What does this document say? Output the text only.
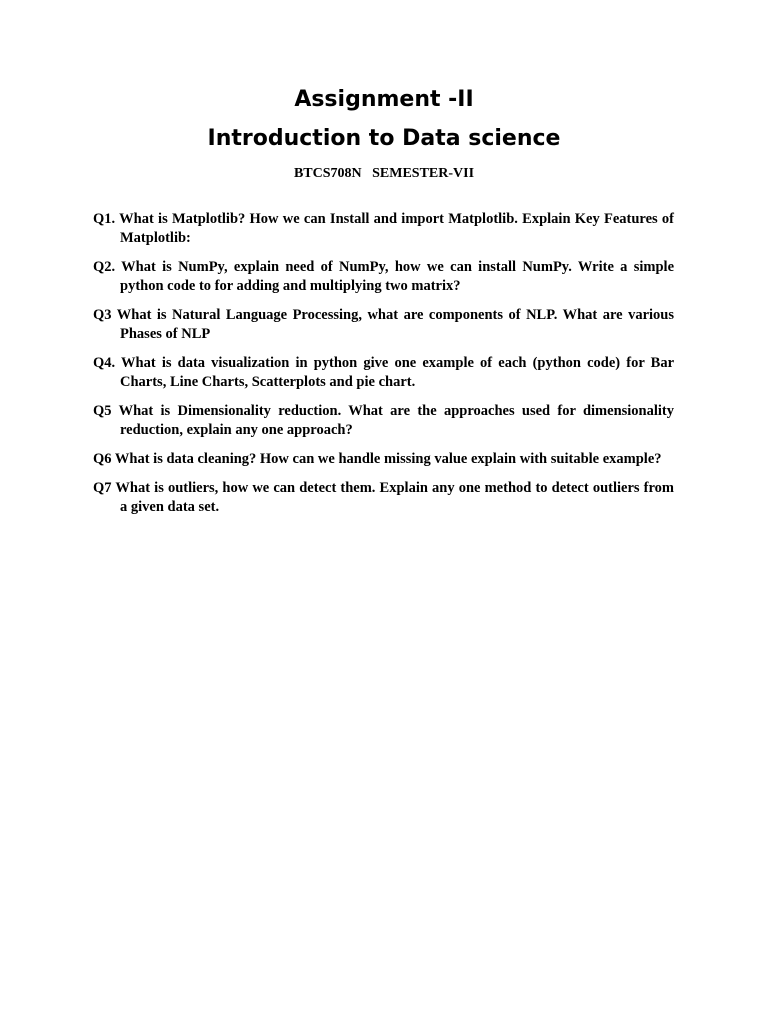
Assignment -II
Introduction to Data science
BTCS708N   SEMESTER-VII
Q1. What is Matplotlib? How we can Install and import Matplotlib. Explain Key Features of Matplotlib:
Q2. What is NumPy, explain need of NumPy, how we can install NumPy. Write a simple python code to for adding and multiplying two matrix?
Q3 What is Natural Language Processing, what are components of NLP. What are various Phases of NLP
Q4. What is data visualization in python give one example of each (python code) for Bar Charts, Line Charts, Scatterplots and pie chart.
Q5 What is Dimensionality reduction. What are the approaches used for dimensionality reduction, explain any one approach?
Q6 What is data cleaning? How can we handle missing value explain with suitable example?
Q7 What is outliers, how we can detect them. Explain any one method to detect outliers from a given data set.
